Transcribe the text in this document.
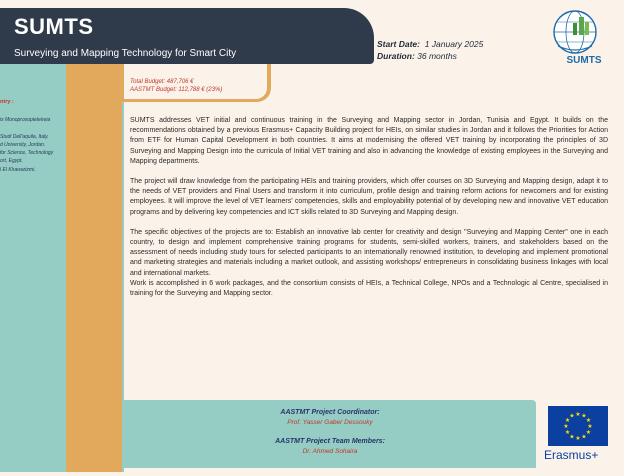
ntry :
is Monoprosopieteireia

Studi Dell'aquila, Italy.
d University, Jordan.
for Science, Technology
ort, Egypt.
l El Khawarizmi.
Total Budget: 487,706 €
AASTMT Budget: 112,788 € (23%)
SUMTS
Surveying and Mapping Technology for Smart City
Start Date: 1 January 2025
Duration: 36 months	SUMTS

SUMTS addresses VET initial and continuous training in the Surveying and Mapping sector in Jordan, Tunisia and Egypt. It builds on the recommendations obtained by a previous Erasmus+ Capacity Building project for HEIs, on similar studies in Jordan and it follows the Priorities for Action from ETF for Human Capital Development in both countries. It aims at modernising the offered VET training by incorporating the principles of 3D Surveying and Mapping Design into the curricula of Initial VET training and also in advancing the knowledge of existing employees in the Surveying and Mapping departments.

The project will draw knowledge from the participating HEIs and training providers, which offer courses on 3D Surveying and Mapping design, adapt it to the needs of VET providers and Final Users and transform it into curriculum, profile design and training reform actions for newcomers and for existing employees. It will improve the level of VET learners' competencies, skills and employability potential of by developing new and innovative VET education programs and by delivering key competencies and ICT skills related to 3D Surveying and Mapping design.

The specific objectives of the projects are to: Establish an innovative lab center for creativity and design "Surveying and Mapping Center" one in each country, to design and implement comprehensive training programs for students, semi-skilled workers, trainers, and stakeholders based on the assessment of needs including study tours for selected participants to an internationally renowned institution, to developing and implement promotional and marketing strategies and materials including a market outlook, and assisting workshops/ entrepreneurs in consolidating business linkages with local and international markets.

Work is accomplished in 6 work packages, and the consortium consists of HEIs, a Technical College, NPOs and a Technologic al Centre, specialised in training for the Surveying and Mapping sector.

AASTMT Project Coordinator:
Prof. Yasser Gaber Dessouky
AASTMT Project Team Members:
Dr. Ahmed Sohaira
★
★
★
★
★
★
★
★
★ ★ ★
★
Erasmus+
